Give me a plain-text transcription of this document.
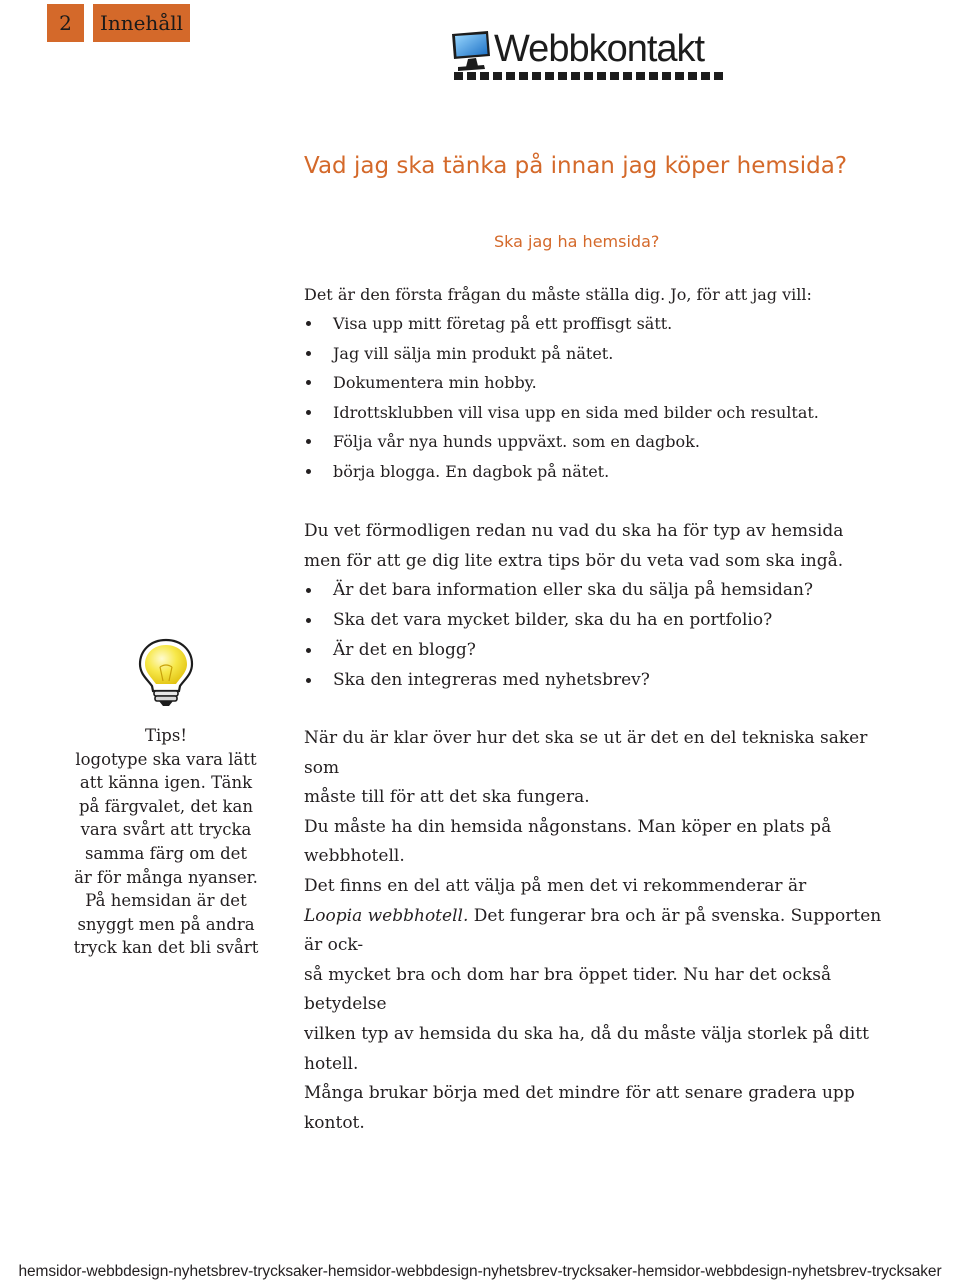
2	Innehåll
Webbkontakt
Vad jag ska tänka på innan jag köper hemsida?
Ska jag ha hemsida?

Det är den första frågan du måste ställa dig. Jo, för att jag vill:

Visa upp mitt företag på ett proffisgt sätt.
Jag vill sälja min produkt på nätet.
Dokumentera min hobby.
Idrottsklubben vill visa upp en sida med bilder och resultat.
Följa vår nya hunds uppväxt. som en dagbok.
börja blogga. En dagbok på nätet.

Du vet förmodligen redan nu vad du ska ha för typ av hemsida men för att ge dig lite extra tips bör du veta vad som ska ingå.

Är det bara information eller ska du sälja på hemsidan?
Ska det vara mycket bilder, ska du ha en portfolio?
Är det en blogg?
Ska den integreras med nyhetsbrev?
Tips!
logotype ska vara lätt
att känna igen. Tänk
på färgvalet, det kan
vara svårt att trycka
samma färg om det
är för många nyanser.
På hemsidan är det
snyggt men på andra
tryck kan det bli svårt
När du är klar över hur det ska se ut är det en del tekniska saker som
måste till för att det ska fungera.
Du måste ha din hemsida någonstans. Man köper en plats på webbhotell.
Det finns en del att välja på men det vi rekommenderar är
Loopia webbhotell. Det fungerar bra och är på svenska. Supporten är ock-
så mycket bra och dom har bra öppet tider. Nu har det också betydelse
vilken typ av hemsida du ska ha, då du måste välja storlek på ditt hotell.
Många brukar börja med det mindre för att senare gradera upp kontot.
hemsidor-webbdesign-nyhetsbrev-trycksaker-hemsidor-webbdesign-nyhetsbrev-trycksaker-hemsidor-webbdesign-nyhetsbrev-trycksaker
